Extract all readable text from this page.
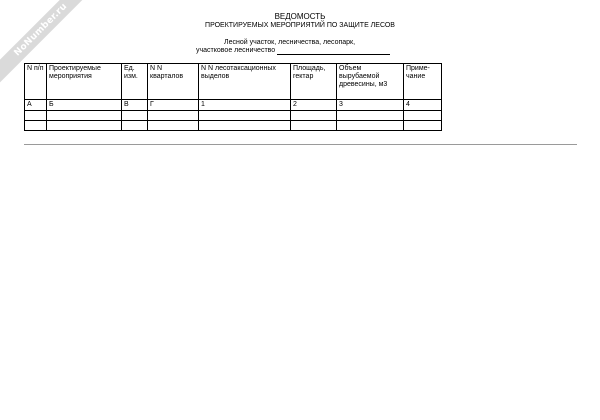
NoNumber.ru	ВЕДОМОСТЬ
ПРОЕКТИРУЕМЫХ МЕРОПРИЯТИЙ ПО ЗАЩИТЕ ЛЕСОВ
Лесной участок, лесничества, лесопарк,
участковое лесничество
N п/п	Проектируемые мероприятия	Ед. изм.	N N кварталов	N N лесотаксационных выделов	Площадь, гектар	Объем вырубаемой древесины, м3	Приме-чание
А	Б	В	Г	1	2	3	4
